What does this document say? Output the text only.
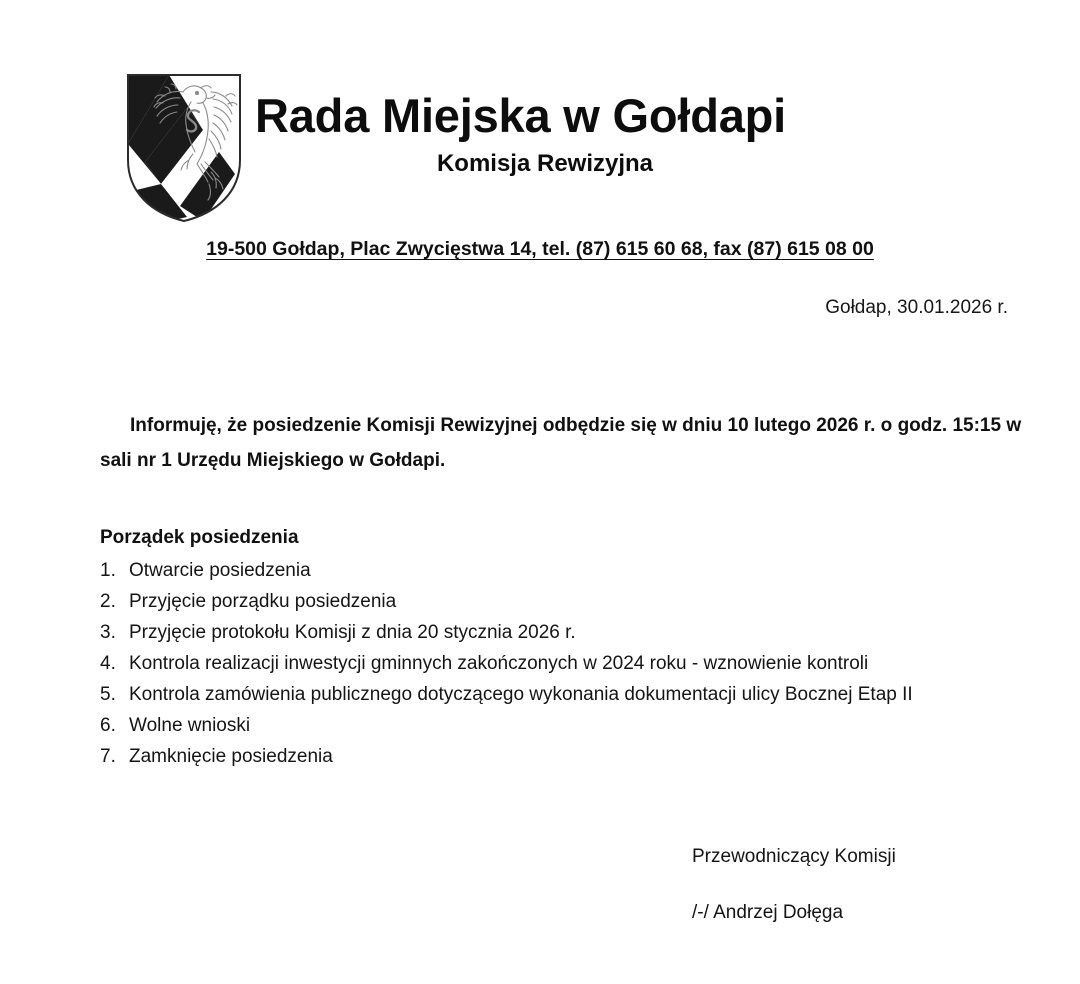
Rada Miejska w Gołdapi
Komisja Rewizyjna
19-500 Gołdap, Plac Zwycięstwa 14, tel. (87) 615 60 68, fax (87) 615 08 00
Gołdap, 30.01.2026 r.

Informuję, że posiedzenie Komisji Rewizyjnej odbędzie się w dniu 10 lutego 2026 r. o godz. 15:15 w sali nr 1 Urzędu Miejskiego w Gołdapi.

Porządek posiedzenia
1. Otwarcie posiedzenia
2. Przyjęcie porządku posiedzenia
3. Przyjęcie protokołu Komisji z dnia 20 stycznia 2026 r.
4. Kontrola realizacji inwestycji gminnych zakończonych w 2024 roku - wznowienie kontroli
5. Kontrola zamówienia publicznego dotyczącego wykonania dokumentacji ulicy Bocznej Etap II
6. Wolne wnioski
7. Zamknięcie posiedzenia
Przewodniczący Komisji
/-/ Andrzej Dołęga
